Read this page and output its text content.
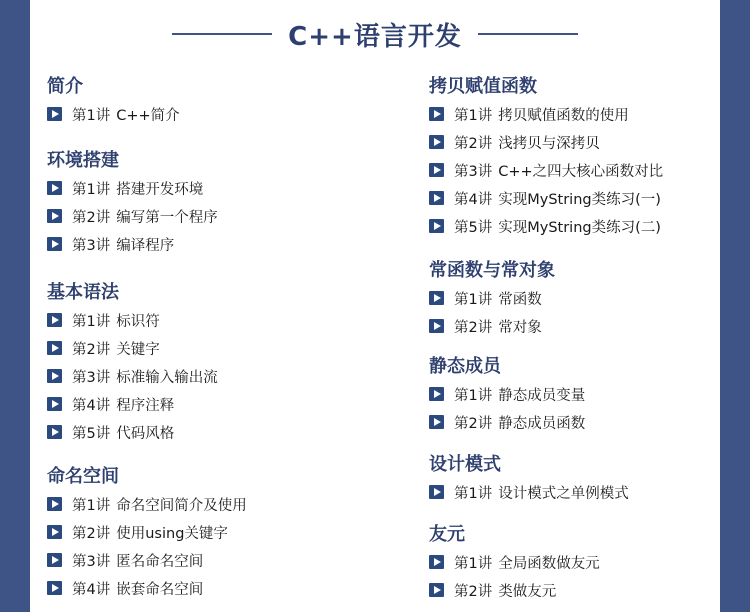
C++语言开发
简介
第1讲 C++简介
环境搭建
第1讲 搭建开发环境
第2讲 编写第一个程序
第3讲 编译程序
基本语法
第1讲 标识符
第2讲 关键字
第3讲 标准输入输出流
第4讲 程序注释
第5讲 代码风格
命名空间
第1讲 命名空间简介及使用
第2讲 使用using关键字
第3讲 匿名命名空间
第4讲 嵌套命名空间
拷贝赋值函数
第1讲 拷贝赋值函数的使用
第2讲 浅拷贝与深拷贝
第3讲 C++之四大核心函数对比
第4讲 实现MyString类练习(一)
第5讲 实现MyString类练习(二)
常函数与常对象
第1讲 常函数
第2讲 常对象
静态成员
第1讲 静态成员变量
第2讲 静态成员函数
设计模式
第1讲 设计模式之单例模式
友元
第1讲 全局函数做友元
第2讲 类做友元
